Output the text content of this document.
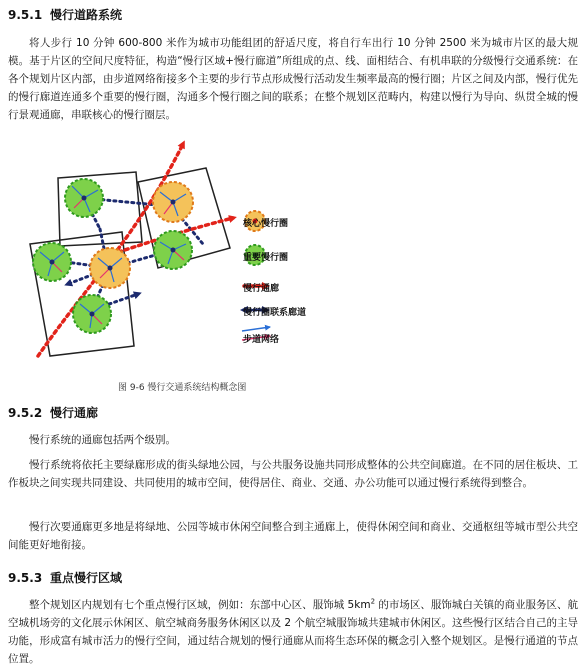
9.5.1 慢行道路系统

将人步行 10 分钟 600-800 米作为城市功能组团的舒适尺度，将自行车出行 10 分钟 2500 米为城市片区的最大规模。基于片区的空间尺度特征，构造“慢行区域+慢行廊道”所组成的点、线、面相结合、有机串联的分级慢行交通系统：在各个规划片区内部，由步道网络衔接多个主要的步行节点形成慢行活动发生频率最高的慢行圈；片区之间及内部，慢行优先的慢行廊道连通多个重要的慢行圈，沟通多个慢行圈之间的联系；在整个规划区范畴内，构建以慢行为导向、纵贯全城的慢行景观通廊，串联核心的慢行圈层。

核心慢行圈
重要慢行圈
慢行通廊
慢行圈联系廊道
步道网络
图 9-6 慢行交通系统结构概念图
9.5.2 慢行通廊

慢行系统的通廊包括两个级别。

慢行系统将依托主要绿廊形成的街头绿地公园，与公共服务设施共同形成整体的公共空间廊道。在不同的居住板块、工作板块之间实现共同建设、共同使用的城市空间，使得居住、商业、交通、办公功能可以通过慢行系统得到整合。

慢行次要通廊更多地是将绿地、公园等城市休闲空间整合到主通廊上，使得休闲空间和商业、交通枢纽等城市型公共空间能更好地衔接。

9.5.3 重点慢行区域

整个规划区内规划有七个重点慢行区域，例如：东部中心区、服饰城 $5km^2$ 的市场区、服饰城白关镇的商业服务区、航空城机场旁的文化展示休闲区、航空城商务服务休闲区以及 2 个航空城服饰城共建城市休闲区。这些慢行区结合自己的主导功能，形成富有城市活力的慢行空间，通过结合规划的慢行通廊从而将生态环保的概念引入整个规划区。是慢行通道的节点位置。
